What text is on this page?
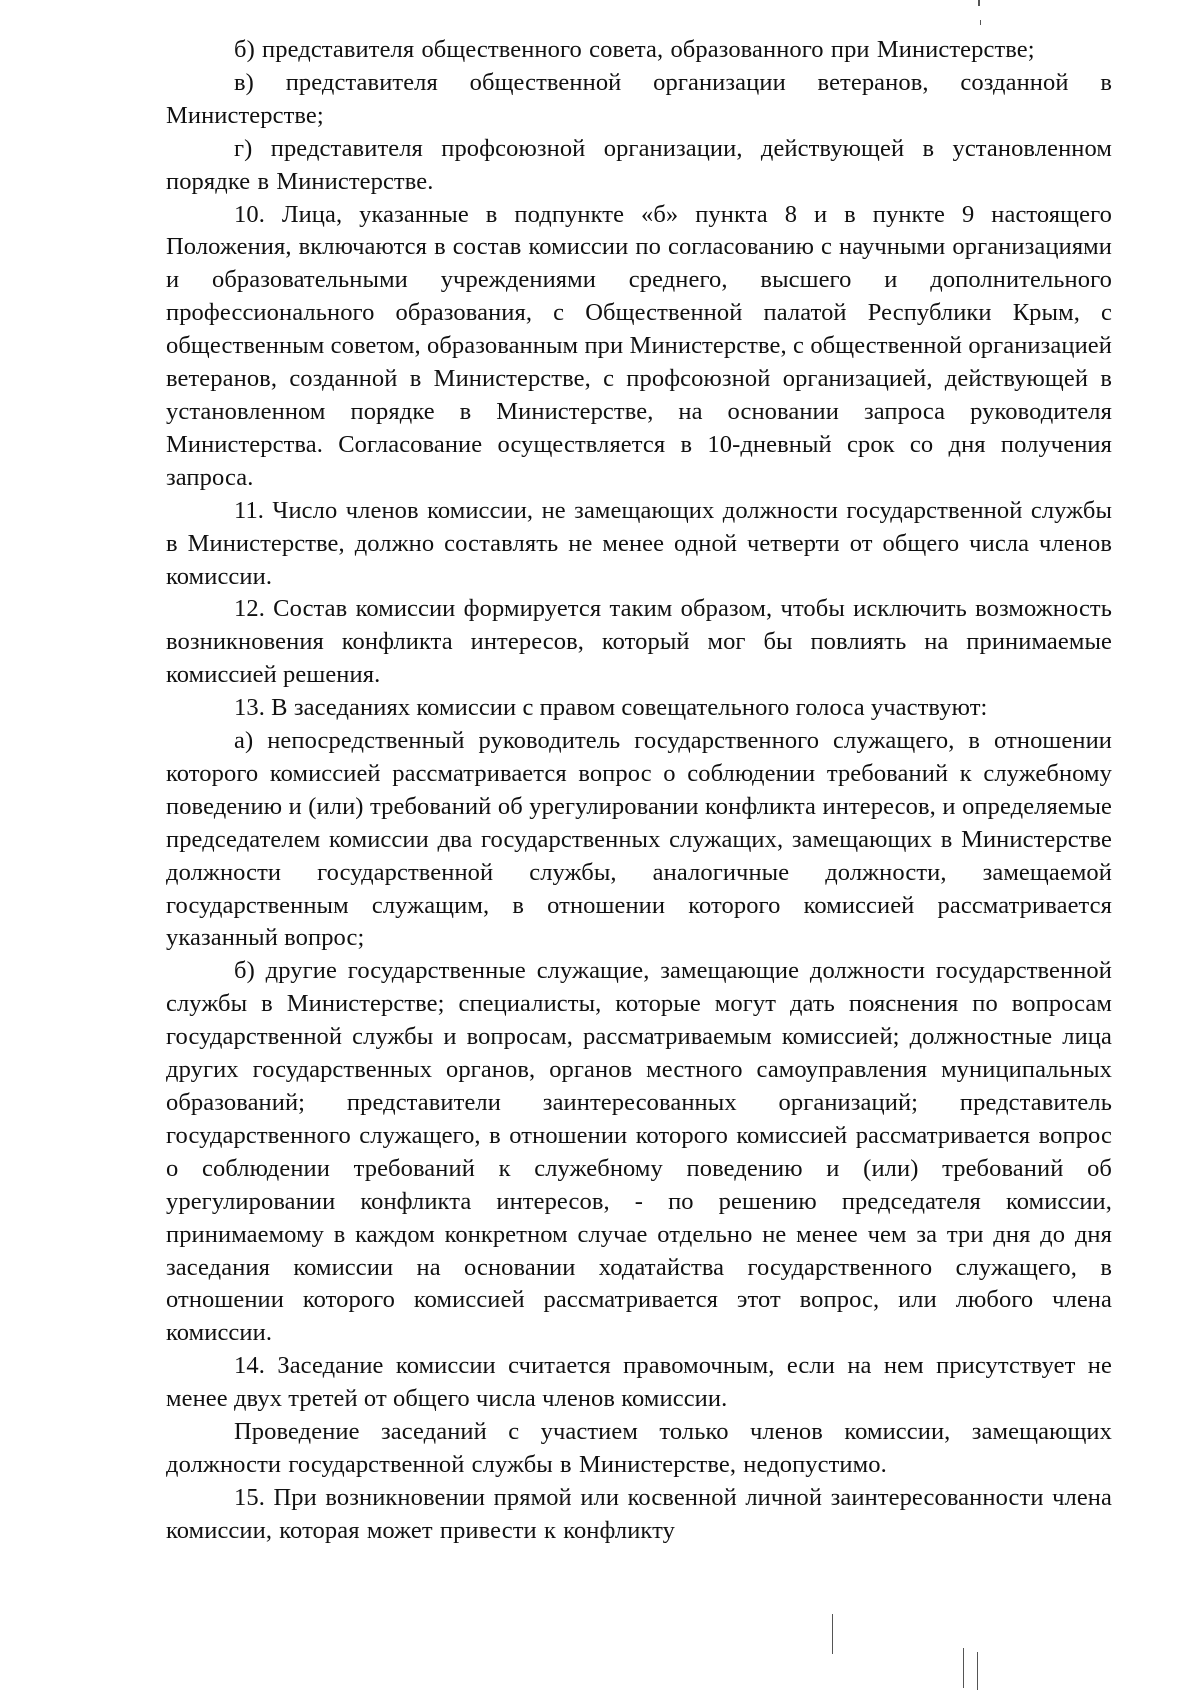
б) представителя общественного совета, образованного при Министерстве;
в) представителя общественной организации ветеранов, созданной в Министерстве;
г) представителя профсоюзной организации, действующей в установленном порядке в Министерстве.
10. Лица, указанные в подпункте «б» пункта 8 и в пункте 9 настоящего Положения, включаются в состав комиссии по согласованию с научными организациями и образовательными учреждениями среднего, высшего и дополнительного профессионального образования, с Общественной палатой Республики Крым, с общественным советом, образованным при Министерстве, с общественной организацией ветеранов, созданной в Министерстве, с профсоюзной организацией, действующей в установленном порядке в Министерстве, на основании запроса руководителя Министерства. Согласование осуществляется в 10-дневный срок со дня получения запроса.
11. Число членов комиссии, не замещающих должности государственной службы в Министерстве, должно составлять не менее одной четверти от общего числа членов комиссии.
12. Состав комиссии формируется таким образом, чтобы исключить возможность возникновения конфликта интересов, который мог бы повлиять на принимаемые комиссией решения.
13. В заседаниях комиссии с правом совещательного голоса участвуют:
а) непосредственный руководитель государственного служащего, в отношении которого комиссией рассматривается вопрос о соблюдении требований к служебному поведению и (или) требований об урегулировании конфликта интересов, и определяемые председателем комиссии два государственных служащих, замещающих в Министерстве должности государственной службы, аналогичные должности, замещаемой государственным служащим, в отношении которого комиссией рассматривается указанный вопрос;
б) другие государственные служащие, замещающие должности государственной службы в Министерстве; специалисты, которые могут дать пояснения по вопросам государственной службы и вопросам, рассматриваемым комиссией; должностные лица других государственных органов, органов местного самоуправления муниципальных образований; представители заинтересованных организаций; представитель государственного служащего, в отношении которого комиссией рассматривается вопрос о соблюдении требований к служебному поведению и (или) требований об урегулировании конфликта интересов, - по решению председателя комиссии, принимаемому в каждом конкретном случае отдельно не менее чем за три дня до дня заседания комиссии на основании ходатайства государственного служащего, в отношении которого комиссией рассматривается этот вопрос, или любого члена комиссии.
14. Заседание комиссии считается правомочным, если на нем присутствует не менее двух третей от общего числа членов комиссии.
Проведение заседаний с участием только членов комиссии, замещающих должности государственной службы в Министерстве, недопустимо.
15. При возникновении прямой или косвенной личной заинтересованности члена комиссии, которая может привести к конфликту
